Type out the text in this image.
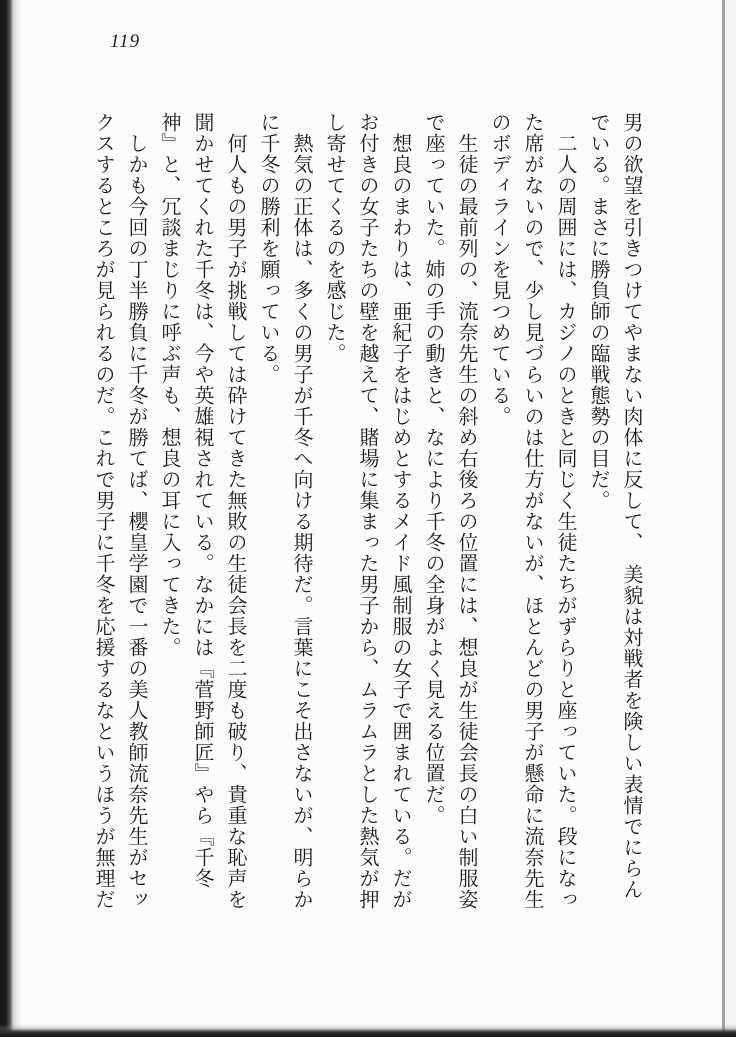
119

男の欲望を引きつけてやまない肉体に反して、　美貌は対戦者を険しい表情でにらん

でいる。まさに勝負師の臨戦態勢の目だ。

　二人の周囲には、カジノのときと同じく生徒たちがずらりと座っていた。段になっ

た席がないので、少し見づらいのは仕方がないが、ほとんどの男子が懸命に流奈先生

のボディラインを見つめている。

　生徒の最前列の、流奈先生の斜め右後ろの位置には、想良が生徒会長の白い制服姿

で座っていた。姉の手の動きと、なにより千冬の全身がよく見える位置だ。

　想良のまわりは、亜紀子をはじめとするメイド風制服の女子で囲まれている。だが

お付きの女子たちの壁を越えて、賭場に集まった男子から、ムラムラとした熱気が押

し寄せてくるのを感じた。

　熱気の正体は、多くの男子が千冬へ向ける期待だ。言葉にこそ出さないが、明らか

に千冬の勝利を願っている。

　何人もの男子が挑戦しては砕けてきた無敗の生徒会長を二度も破り、貴重な恥声を

聞かせてくれた千冬は、今や英雄視されている。なかには『菅野師匠』やら『千冬

神』と、冗談まじりに呼ぶ声も、想良の耳に入ってきた。

　しかも今回の丁半勝負に千冬が勝てば、櫻皇学園で一番の美人教師流奈先生がセッ

クスするところが見られるのだ。これで男子に千冬を応援するなというほうが無理だ
